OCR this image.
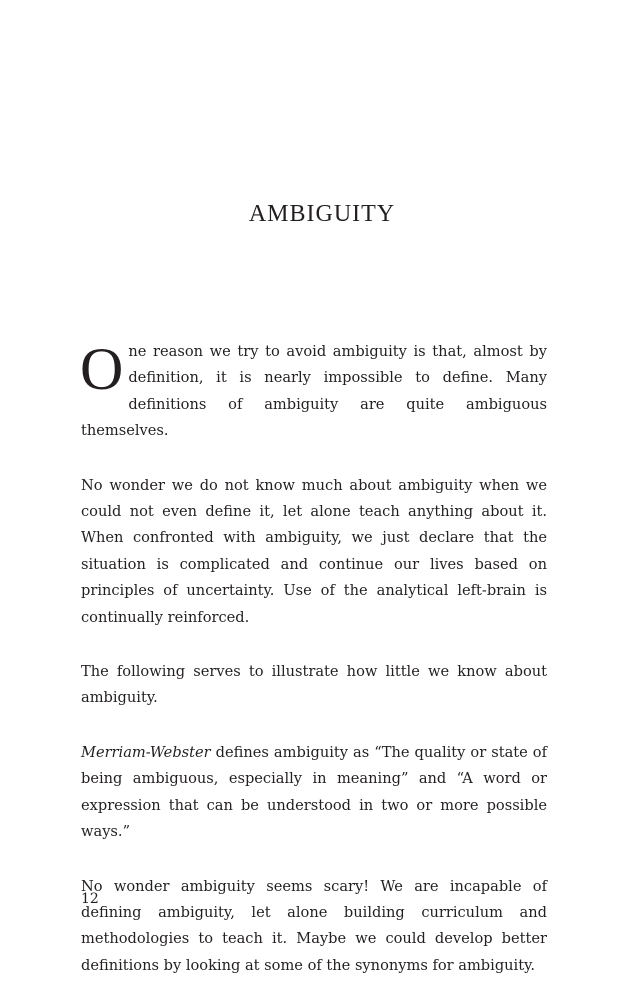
AMBIGUITY

One reason we try to avoid ambiguity is that, almost by definition, it is nearly impossible to define. Many definitions of ambiguity are quite ambiguous themselves.

No wonder we do not know much about ambiguity when we could not even define it, let alone teach anything about it. When confronted with ambiguity, we just declare that the situation is complicated and continue our lives based on principles of uncertainty. Use of the analytical left-brain is continually reinforced.

The following serves to illustrate how little we know about ambiguity.

Merriam-Webster defines ambiguity as “The quality or state of being ambiguous, especially in meaning” and “A word or expression that can be understood in two or more possible ways.”

No wonder ambiguity seems scary! We are incapable of defining ambiguity, let alone building curriculum and methodologies to teach it. Maybe we could develop better definitions by looking at some of the synonyms for ambiguity.

12
